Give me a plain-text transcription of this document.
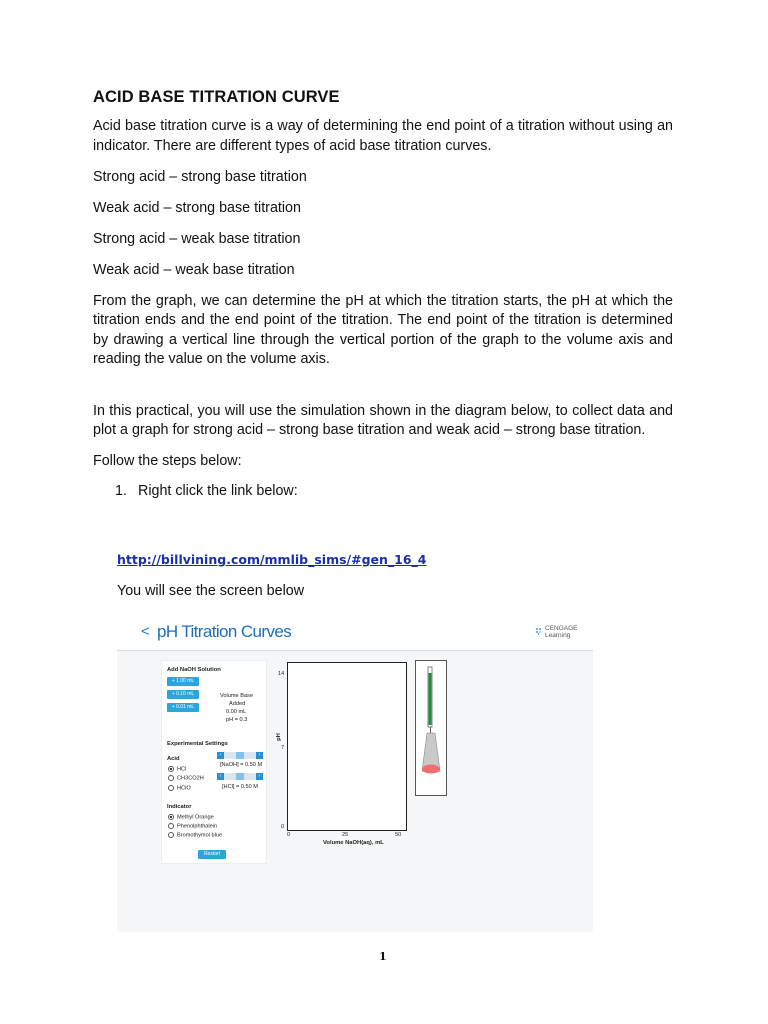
ACID BASE TITRATION CURVE

Acid base titration curve is a way of determining the end point of a titration without using an indicator. There are different types of acid base titration curves.

Strong acid – strong base titration

Weak acid – strong base titration

Strong acid – weak base titration

Weak acid – weak base titration

From the graph, we can determine the pH at which the titration starts, the pH at which the titration ends and the end point of the titration. The end point of the titration is determined by drawing a vertical line through the vertical portion of the graph to the volume axis and reading the value on the volume axis.

In this practical, you will use the simulation shown in the diagram below, to collect data and plot a graph for strong acid – strong base titration and weak acid – strong base titration.

Follow the steps below:

1. Right click the link below:
http://billvining.com/mmlib_sims/#gen_16_4
You will see the screen below
< pH Titration Curves	CENGAGE
Learning
Add NaOH Solution
+ 1.00 mL
+ 0.10 mL
+ 0.01 mL
Volume Base
Added
0.00 mL
pH = 0.3
Experimental Settings
Acid
HCl
CH3CO2H
HClO
‹	›
[NaOH] = 0.50 M
‹	›
[HCl] = 0.50 M
Indicator
Methyl Orange
Phenolphthalein
Bromothymol blue
Restart
14
7
0
pH
0	25	50
Volume NaOH(aq), mL
1
